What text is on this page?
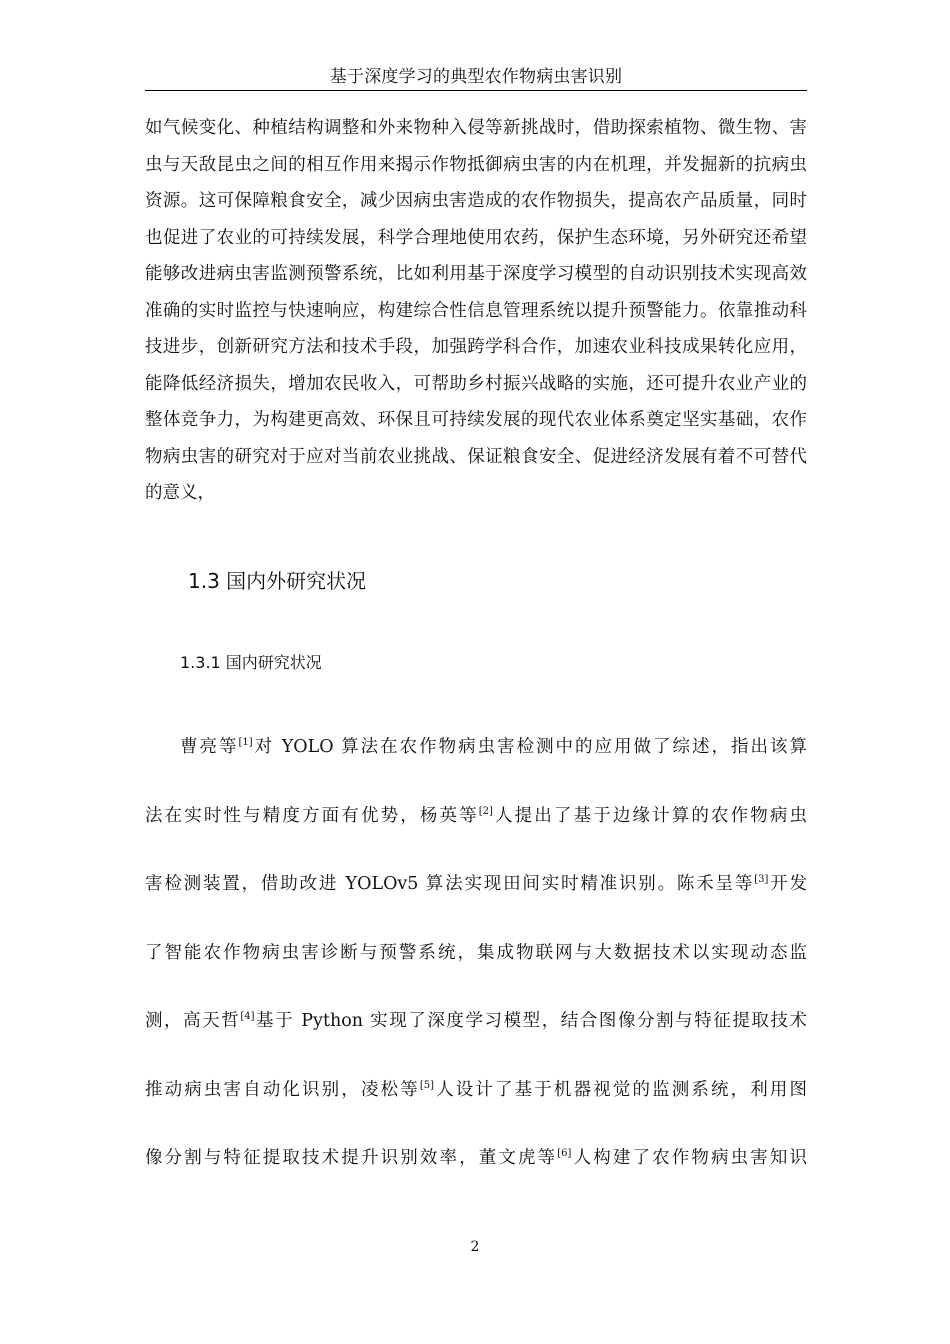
基于深度学习的典型农作物病虫害识别

如气候变化、种植结构调整和外来物种入侵等新挑战时，借助探索植物、微生物、害虫与天敌昆虫之间的相互作用来揭示作物抵御病虫害的内在机理，并发掘新的抗病虫资源。这可保障粮食安全，减少因病虫害造成的农作物损失，提高农产品质量，同时也促进了农业的可持续发展，科学合理地使用农药，保护生态环境，另外研究还希望能够改进病虫害监测预警系统，比如利用基于深度学习模型的自动识别技术实现高效准确的实时监控与快速响应，构建综合性信息管理系统以提升预警能力。依靠推动科技进步，创新研究方法和技术手段，加强跨学科合作，加速农业科技成果转化应用，能降低经济损失，增加农民收入，可帮助乡村振兴战略的实施，还可提升农业产业的整体竞争力，为构建更高效、环保且可持续发展的现代农业体系奠定坚实基础，农作物病虫害的研究对于应对当前农业挑战、保证粮食安全、促进经济发展有着不可替代的意义，

1.3 国内外研究状况
1.3.1 国内研究状况
曹亮等[1]对 YOLO 算法在农作物病虫害检测中的应用做了综述，指出该算
法在实时性与精度方面有优势，杨英等[2]人提出了基于边缘计算的农作物病虫
害检测装置，借助改进 YOLOv5 算法实现田间实时精准识别。陈禾呈等[3]开发
了智能农作物病虫害诊断与预警系统，集成物联网与大数据技术以实现动态监
测，高天哲[4]基于 Python 实现了深度学习模型，结合图像分割与特征提取技术
推动病虫害自动化识别，凌松等[5]人设计了基于机器视觉的监测系统，利用图
像分割与特征提取技术提升识别效率，董文虎等[6]人构建了农作物病虫害知识
2
